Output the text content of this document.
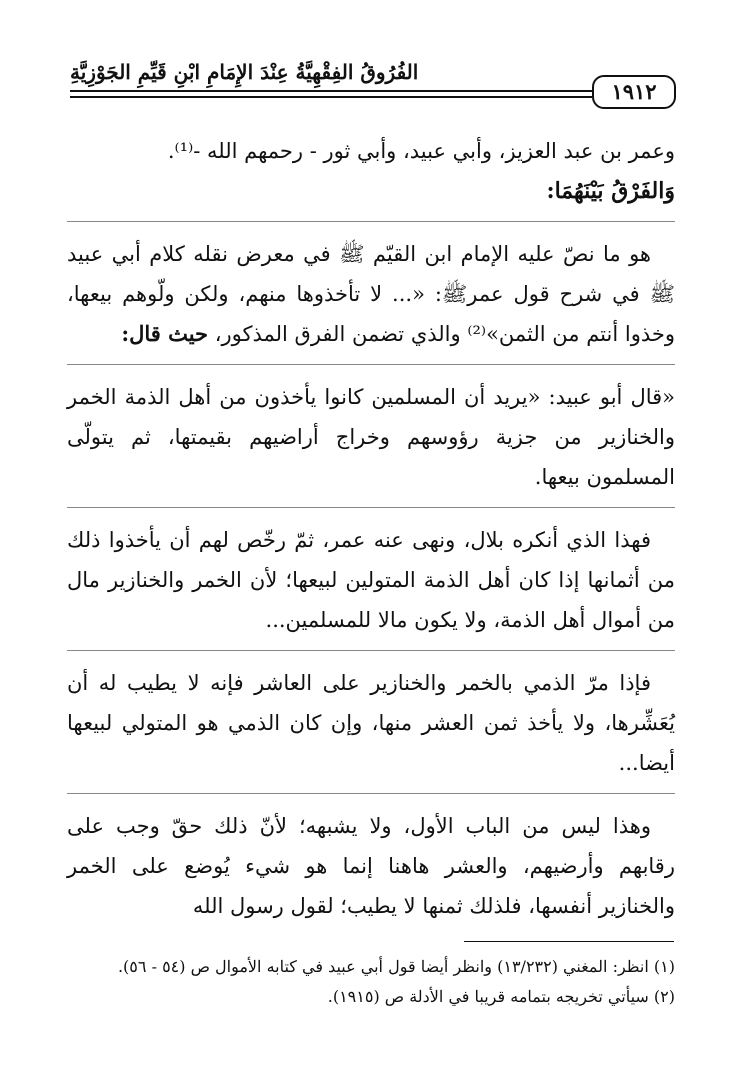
الفُرُوقُ الفِقْهِيَّةُ عِنْدَ الإِمَامِ ابْنِ قَيِّمِ الجَوْزِيَّةِ
١٩١٢

وعمر بن عبد العزيز، وأبي عبيد، وأبي ثور - رحمهم الله -⁽¹⁾.

وَالفَرْقُ بَيْنَهُمَا:

هو ما نصّ عليه الإمام ابن القيّم ﷺ في معرض نقله كلام أبي عبيد ﷺ في شرح قول عمرﷺ: «... لا تأخذوها منهم، ولكن ولّوهم بيعها، وخذوا أنتم من الثمن»⁽²⁾ والذي تضمن الفرق المذكور، حيث قال:

«قال أبو عبيد: «يريد أن المسلمين كانوا يأخذون من أهل الذمة الخمر والخنازير من جزية رؤوسهم وخراج أراضيهم بقيمتها، ثم يتولّى المسلمون بيعها.

فهذا الذي أنكره بلال، ونهى عنه عمر، ثمّ رخّص لهم أن يأخذوا ذلك من أثمانها إذا كان أهل الذمة المتولين لبيعها؛ لأن الخمر والخنازير مال من أموال أهل الذمة، ولا يكون مالا للمسلمين...

فإذا مرّ الذمي بالخمر والخنازير على العاشر فإنه لا يطيب له أن يُعَشِّرها، ولا يأخذ ثمن العشر منها، وإن كان الذمي هو المتولي لبيعها أيضا...

وهذا ليس من الباب الأول، ولا يشبهه؛ لأنّ ذلك حقّ وجب على رقابهم وأرضيهم، والعشر هاهنا إنما هو شيء يُوضع على الخمر والخنازير أنفسها، فلذلك ثمنها لا يطيب؛ لقول رسول الله

(١) انظر: المغني (١٣/٢٣٢) وانظر أيضا قول أبي عبيد في كتابه الأموال ص (٥٤ - ٥٦).

(٢) سيأتي تخريجه بتمامه قريبا في الأدلة ص (١٩١٥).
